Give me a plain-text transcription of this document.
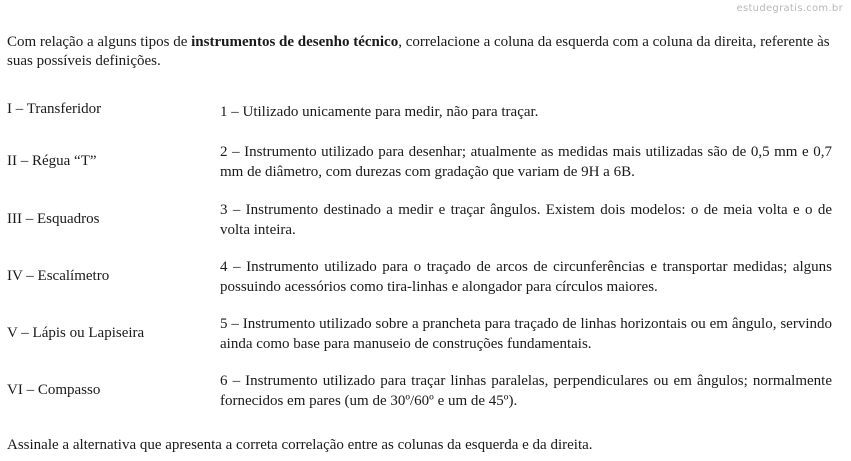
estudegratis.com.br

Com relação a alguns tipos de instrumentos de desenho técnico, correlacione a coluna da esquerda com a coluna da direita, referente às suas possíveis definições.

I – Transferidor	1 – Utilizado unicamente para medir, não para traçar.
II – Régua “T”
2 – Instrumento utilizado para desenhar; atualmente as medidas mais utilizadas são de 0,5 mm e 0,7 mm de diâmetro, com durezas com gradação que variam de 9H a 6B.
III – Esquadros
3 – Instrumento destinado a medir e traçar ângulos. Existem dois modelos: o de meia volta e o de volta inteira.
IV – Escalímetro
4 – Instrumento utilizado para o traçado de arcos de circunferências e transportar medidas; alguns possuindo acessórios como tira-linhas e alongador para círculos maiores.
V – Lápis ou Lapiseira
5 – Instrumento utilizado sobre a prancheta para traçado de linhas horizontais ou em ângulo, servindo ainda como base para manuseio de construções fundamentais.
VI – Compasso
6 – Instrumento utilizado para traçar linhas paralelas, perpendiculares ou em ângulos; normalmente fornecidos em pares (um de 30º/60º e um de 45º).

Assinale a alternativa que apresenta a correta correlação entre as colunas da esquerda e da direita.
